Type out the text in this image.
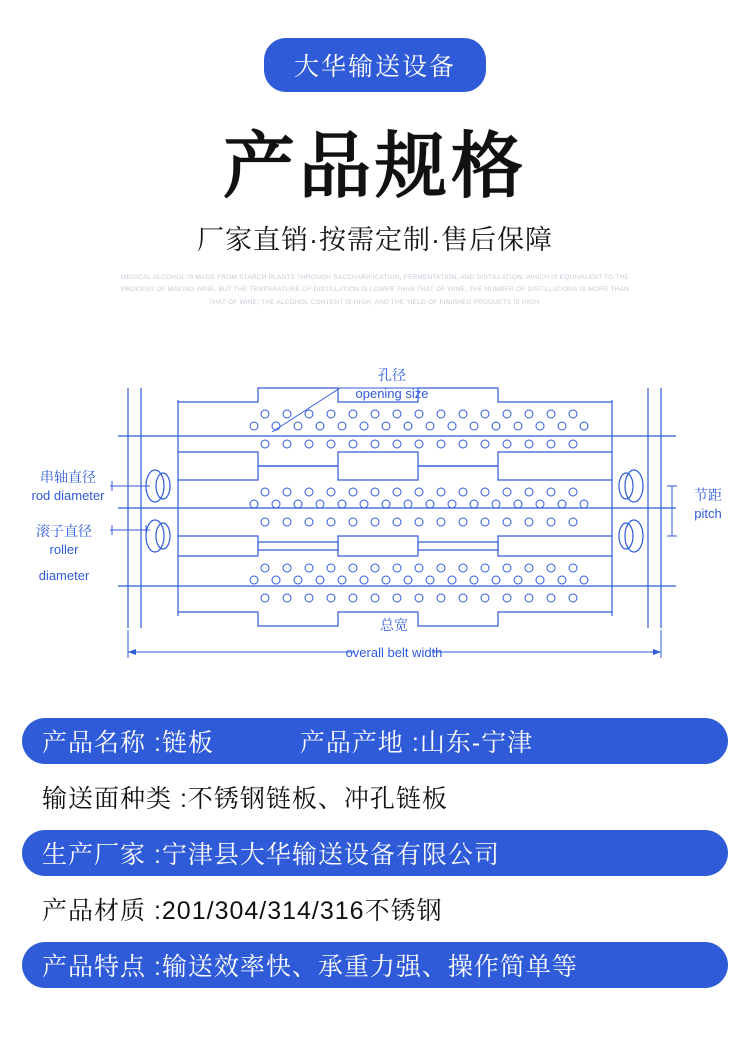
大华输送设备
产品规格
厂家直销·按需定制·售后保障
MEDICAL ALCOHOL IS MADE FROM STARCH PLANTS THROUGH SACCHARIFICATION, FERMENTATION, AND DISTILLATION, WHICH IS EQUIVALENT TO THE PROCESS OF MAKING WINE, BUT THE TEMPERATURE OF DISTILLATION IS LOWER THAN THAT OF WINE, THE NUMBER OF DISTILLATIONS IS MORE THAN THAT OF WINE; THE ALCOHOL CONTENT IS HIGH, AND THE YIELD OF FINISHED PRODUCTS IS HIGH.
孔径
opening size
串轴直径
rod diameter
滚子直径
roller
diameter
节距
pitch
总宽
overall belt width
产品名称 :链板	产品产地 :山东-宁津
输送面种类 :不锈钢链板、冲孔链板
生产厂家 :宁津县大华输送设备有限公司
产品材质 :201/304/314/316不锈钢
产品特点 :输送效率快、承重力强、操作简单等
